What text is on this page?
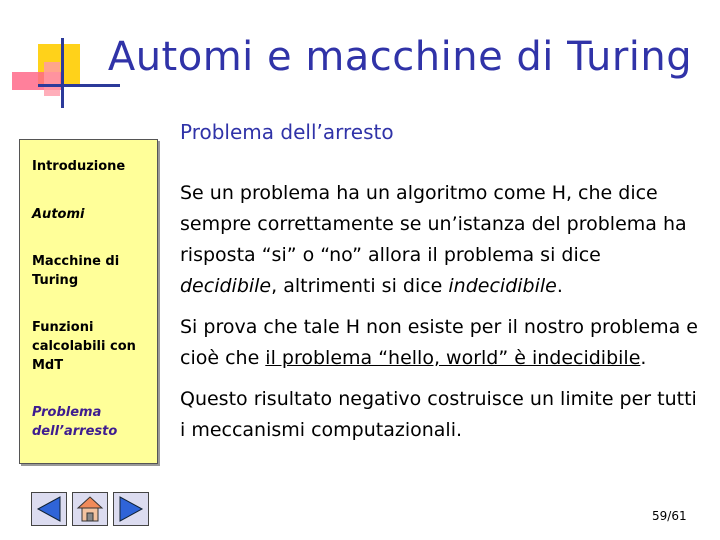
Automi e macchine di Turing
Problema dell’arresto
Introduzione
Automi
Macchine di Turing
Funzioni calcolabili con MdT
Problema dell’arresto
Se un problema ha un algoritmo come H, che dice sempre correttamente se un’istanza del problema ha risposta “si” o “no” allora il problema si dice decidibile, altrimenti si dice indecidibile.
Si prova che tale H non esiste per il nostro problema e cioè che il problema “hello, world” è indecidibile.
Questo risultato negativo costruisce un limite per tutti i meccanismi computazionali.
59/61
